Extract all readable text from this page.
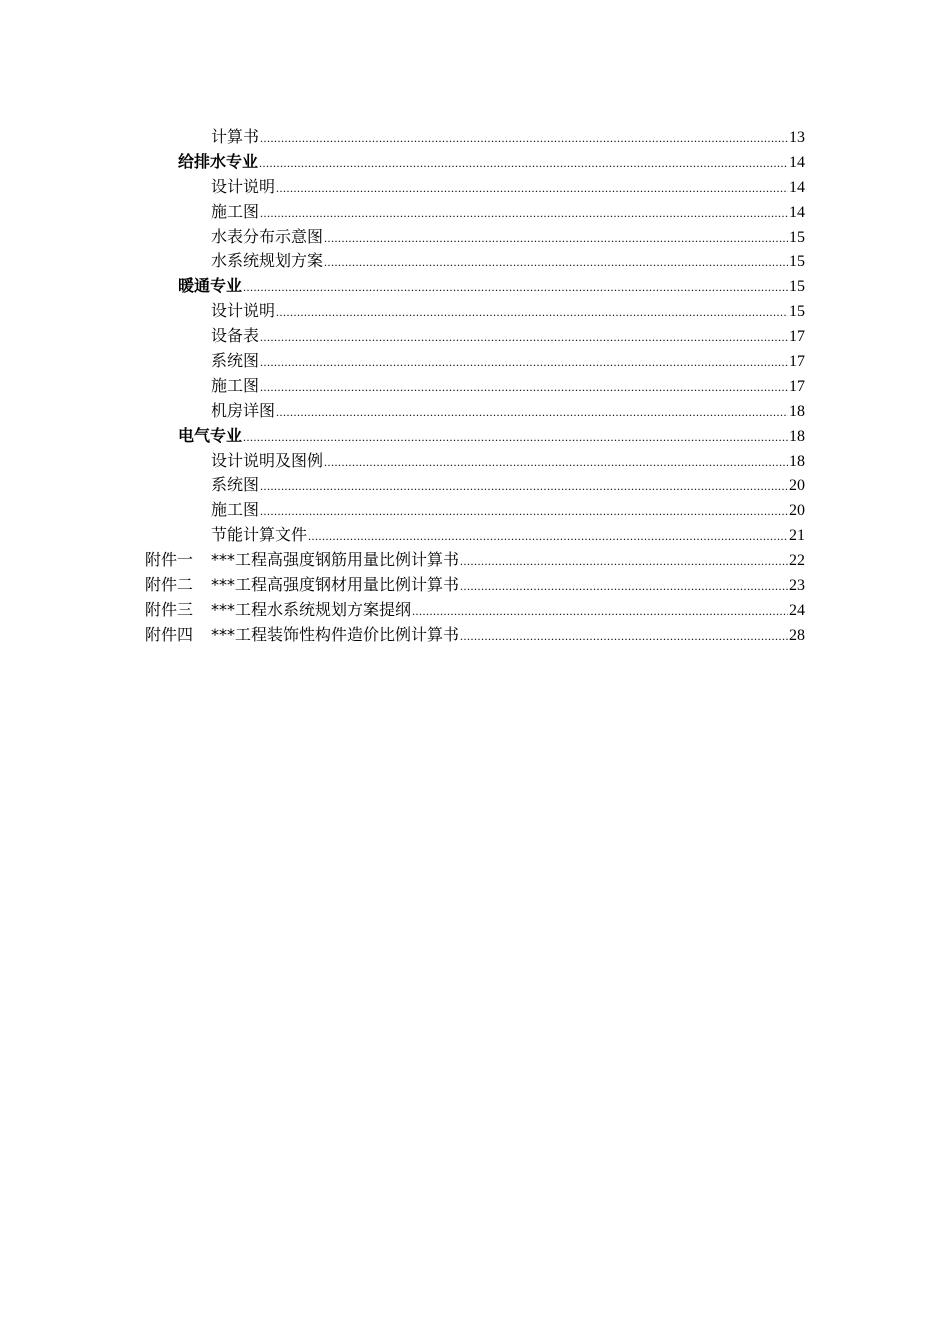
计算书 .....	13
给排水专业 .....	14
设计说明 .....	14
施工图 .....	14
水表分布示意图 .....	15
水系统规划方案 .....	15
暖通专业 .....	15
设计说明 .....	15
设备表 .....	17
系统图 .....	17
施工图 .....	17
机房详图 .....	18
电气专业 .....	18
设计说明及图例 .....	18
系统图 .....	20
施工图 .....	20
节能计算文件 .....	21
附件一 ***工程高强度钢筋用量比例计算书 .....	22
附件二 ***工程高强度钢材用量比例计算书 .....	23
附件三 ***工程水系统规划方案提纲 .....	24
附件四 ***工程装饰性构件造价比例计算书 .....	28
